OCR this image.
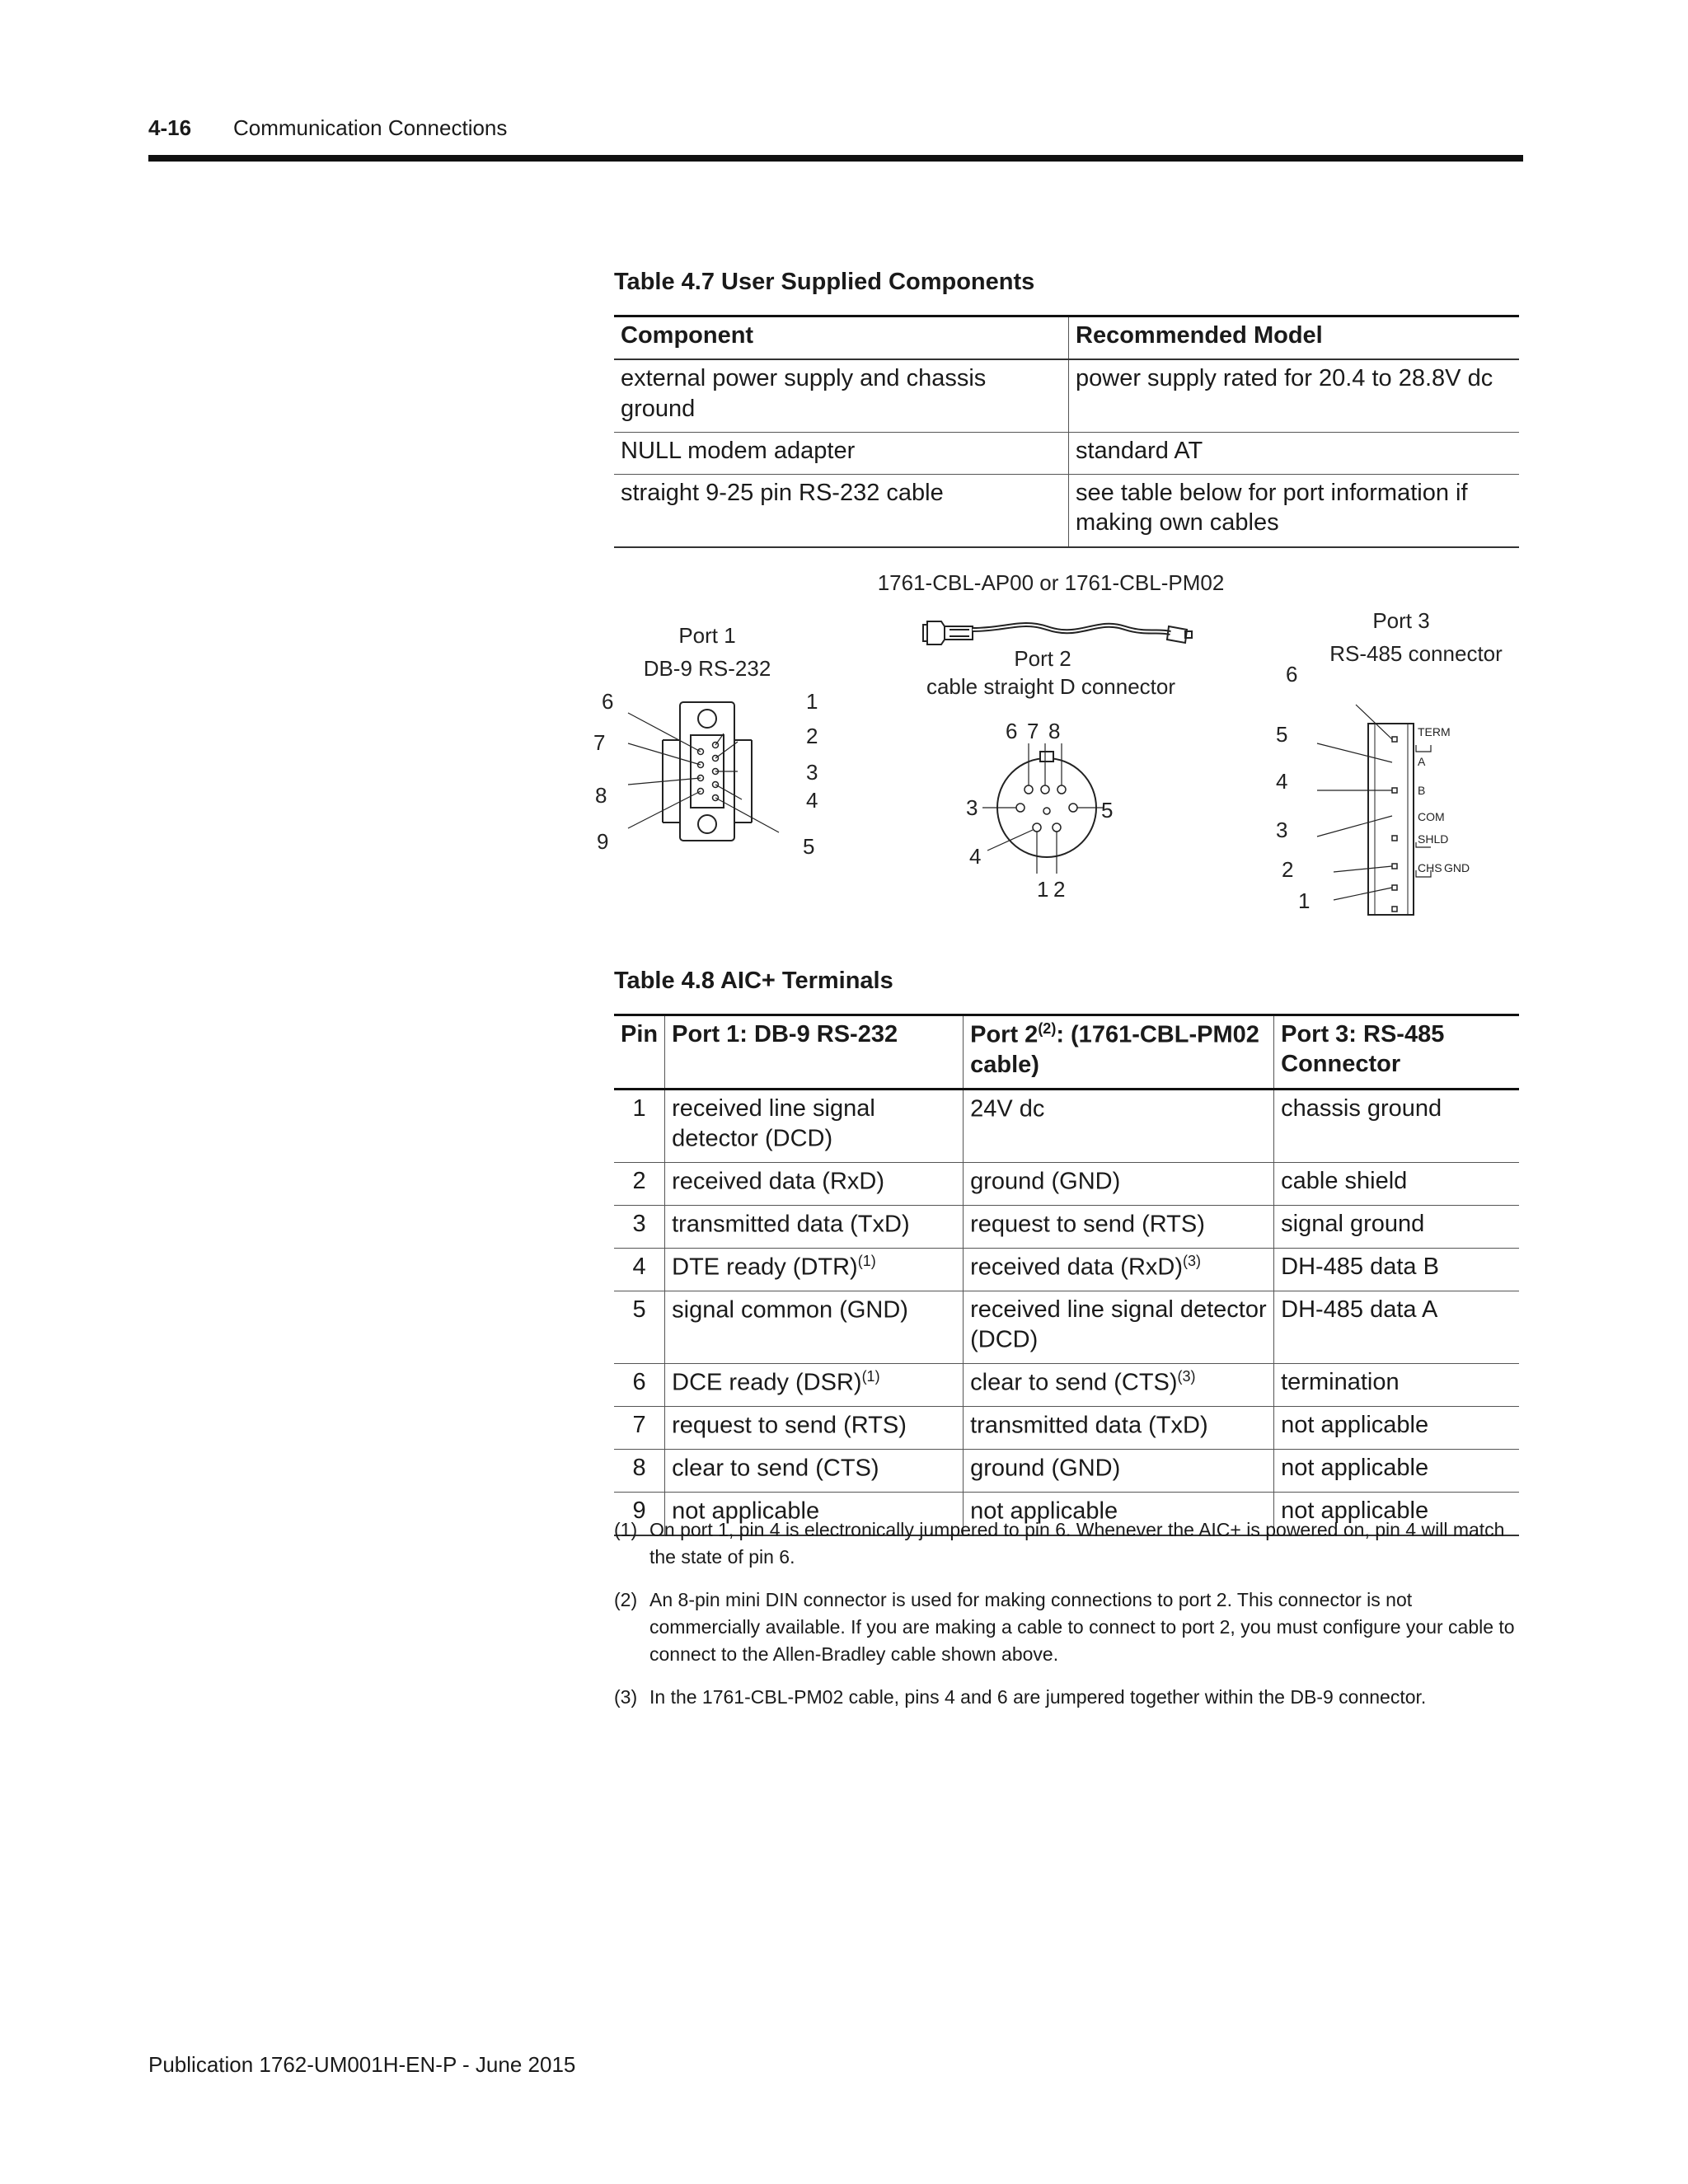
4-16 Communication Connections
Table 4.7 User Supplied Components
Component	Recommended Model
external power supply and chassis ground	power supply rated for 20.4 to 28.8V dc
NULL modem adapter	standard AT
straight 9-25 pin RS-232 cable	see table below for port information if making own cables
1761-CBL-AP00 or 1761-CBL-PM02
Port 1
DB-9 RS-232
1
2
3
4
5
6
7
8
9
Port 2
cable straight D connector
1 2
3
4
5
6 7 8
Port 3
RS-485 connector
TERM
A
B
COM
SHLD
CHS GND
1
2
3
4
5
6
Table 4.8 AIC+ Terminals
Pin	Port 1: DB-9 RS-232	Port 2$^{(2)}$: (1761-CBL-PM02 cable)	Port 3: RS-485 Connector
1	received line signal detector (DCD)	24V dc	chassis ground
2	received data (RxD)	ground (GND)	cable shield
3	transmitted data (TxD)	request to send (RTS)	signal ground
4	DTE ready (DTR)$^{(1)}$	received data (RxD)$^{(3)}$	DH-485 data B
5	signal common (GND)	received line signal detector (DCD)	DH-485 data A
6	DCE ready (DSR)$^{(1)}$	clear to send (CTS)$^{(3)}$	termination
7	request to send (RTS)	transmitted data (TxD)	not applicable
8	clear to send (CTS)	ground (GND)	not applicable
9	not applicable	not applicable	not applicable
(1) On port 1, pin 4 is electronically jumpered to pin 6. Whenever the AIC+ is powered on, pin 4 will match the state of pin 6.
(2) An 8-pin mini DIN connector is used for making connections to port 2. This connector is not commercially available. If you are making a cable to connect to port 2, you must configure your cable to connect to the Allen-Bradley cable shown above.
(3) In the 1761-CBL-PM02 cable, pins 4 and 6 are jumpered together within the DB-9 connector.
Publication 1762-UM001H-EN-P - June 2015
